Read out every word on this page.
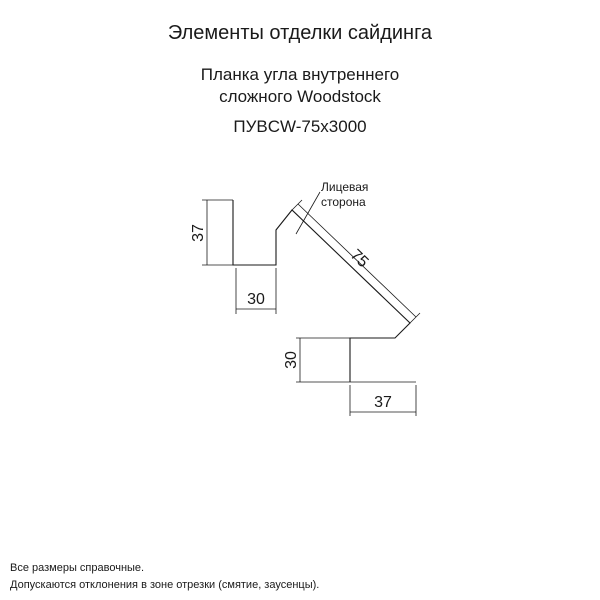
Элементы отделки сайдинга
Планка угла внутреннего
сложного Woodstock
ПУВCW-75x3000
37
30
Лицевая
сторона
75
30
37
Все размеры справочные.
Допускаются отклонения в зоне отрезки (смятие, заусенцы).
